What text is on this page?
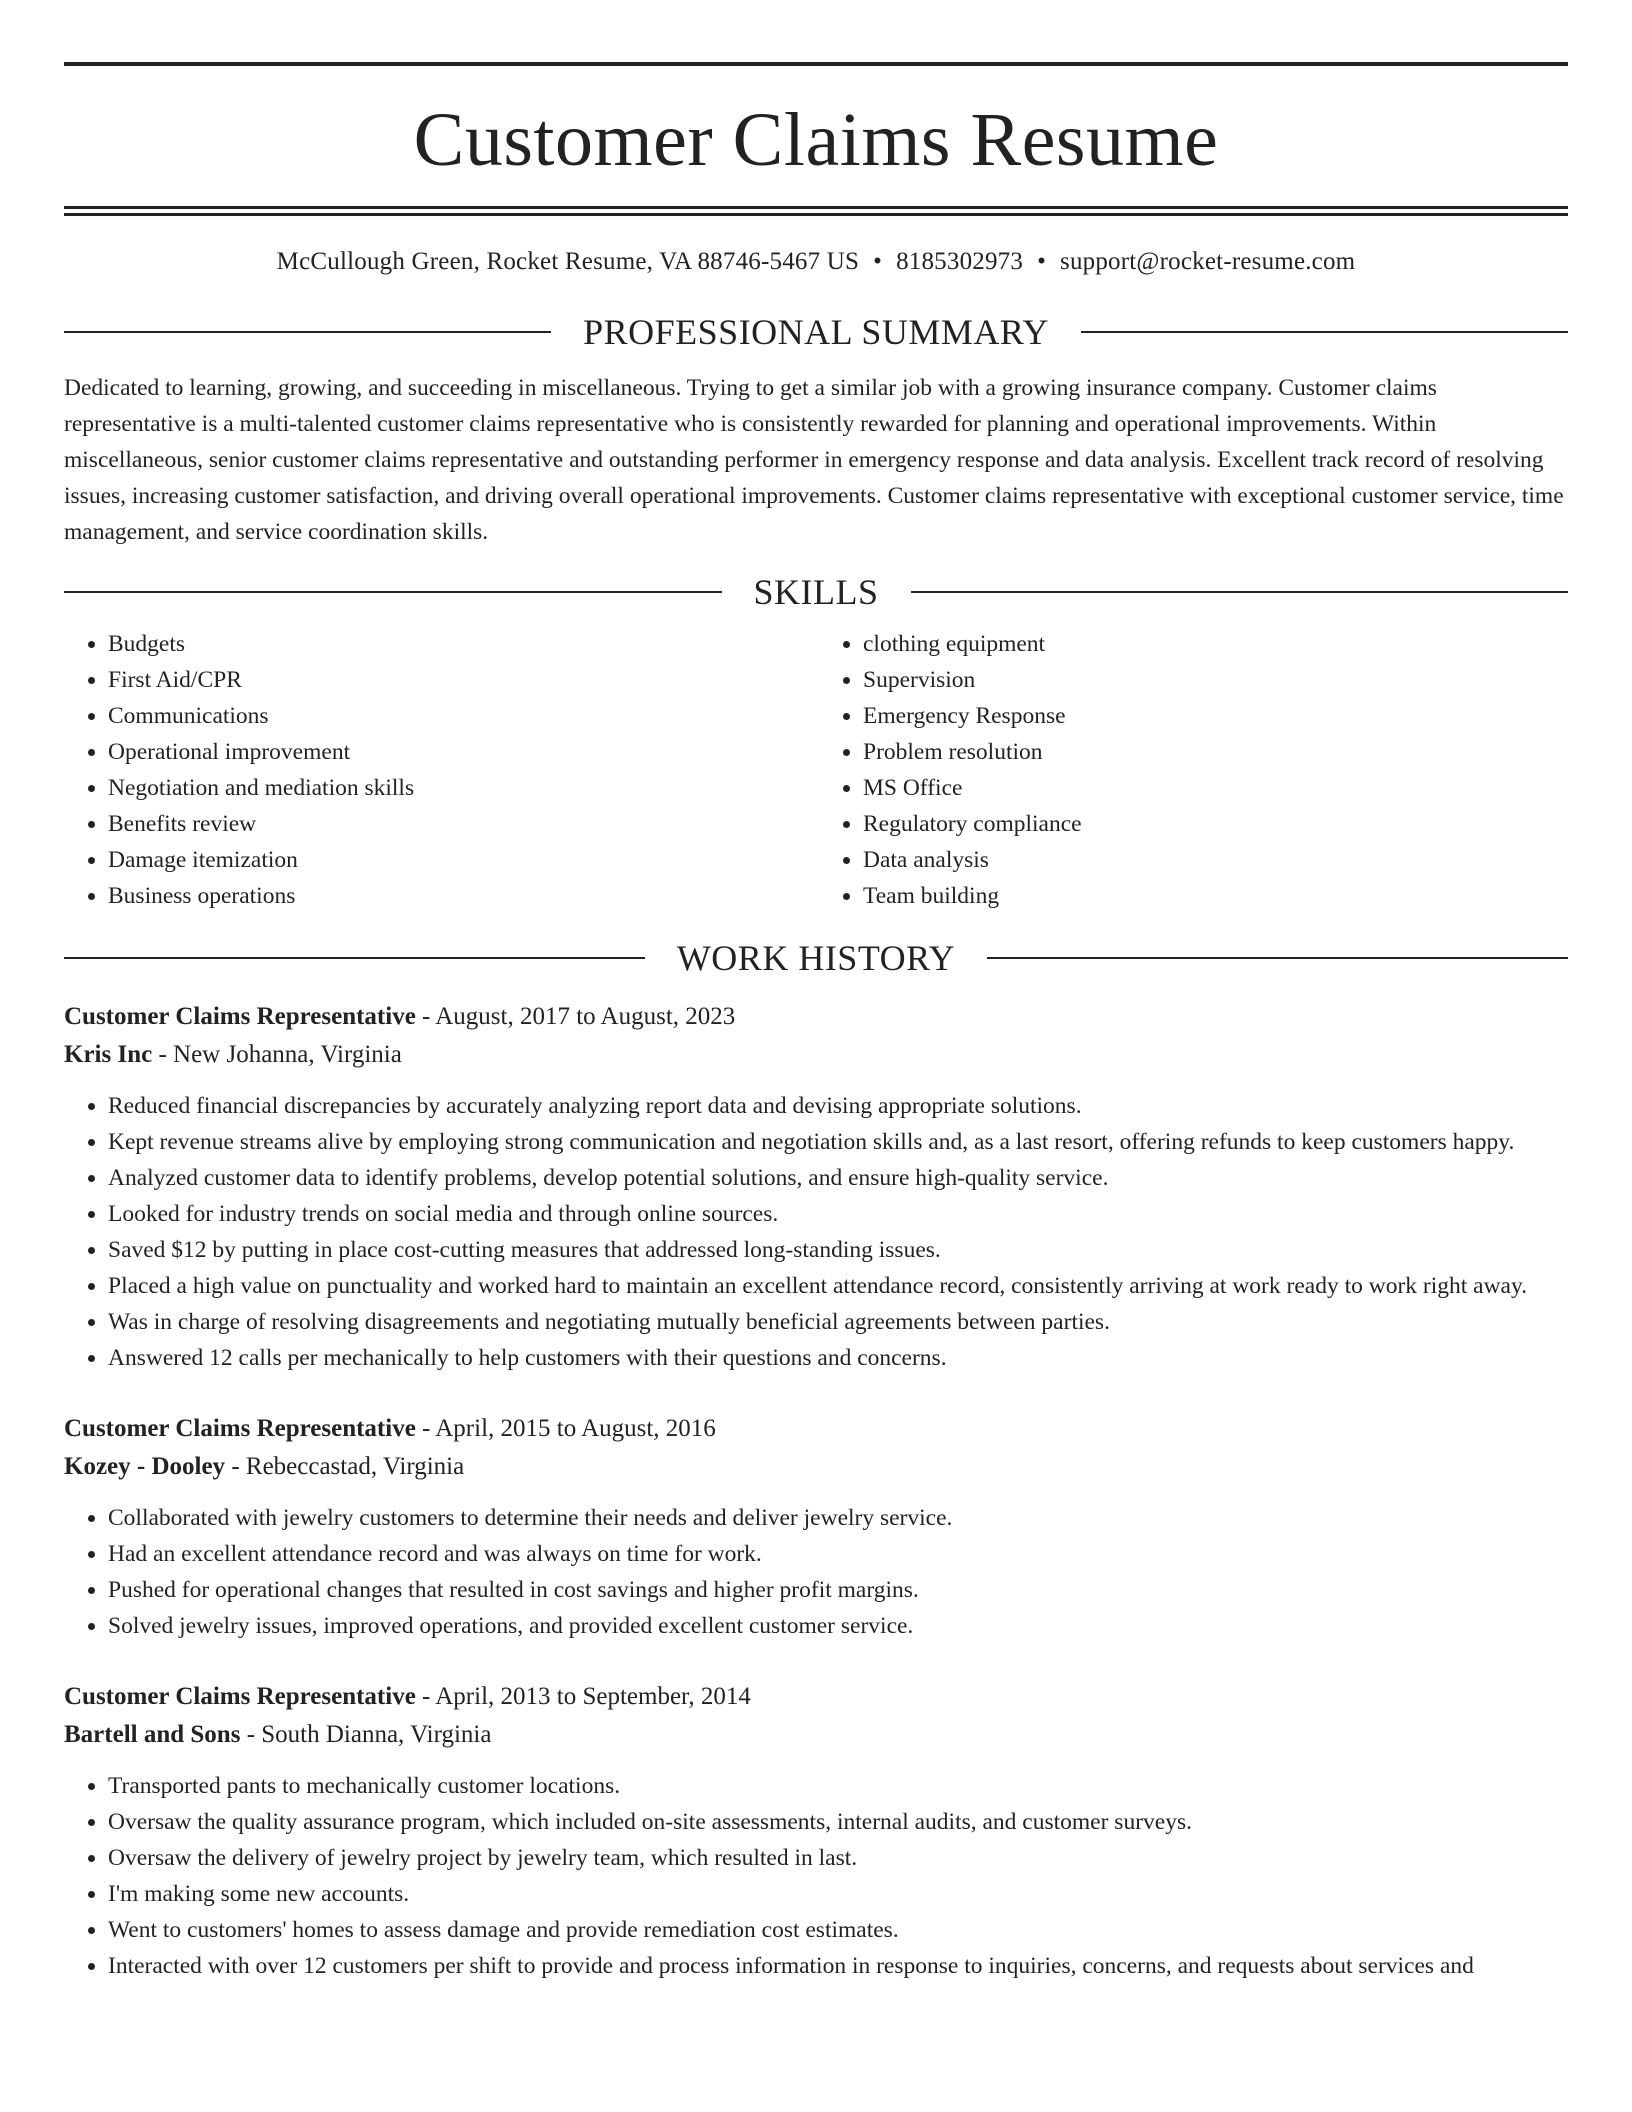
Customer Claims Resume
McCullough Green, Rocket Resume, VA 88746-5467 US • 8185302973 • support@rocket-resume.com
PROFESSIONAL SUMMARY

Dedicated to learning, growing, and succeeding in miscellaneous. Trying to get a similar job with a growing insurance company. Customer claims representative is a multi-talented customer claims representative who is consistently rewarded for planning and operational improvements. Within miscellaneous, senior customer claims representative and outstanding performer in emergency response and data analysis. Excellent track record of resolving issues, increasing customer satisfaction, and driving overall operational improvements. Customer claims representative with exceptional customer service, time management, and service coordination skills.

SKILLS
• Budgets
• First Aid/CPR
• Communications
• Operational improvement
• Negotiation and mediation skills
• Benefits review
• Damage itemization
• Business operations
• clothing equipment
• Supervision
• Emergency Response
• Problem resolution
• MS Office
• Regulatory compliance
• Data analysis
• Team building
WORK HISTORY
Customer Claims Representative - August, 2017 to August, 2023
Kris Inc - New Johanna, Virginia
• Reduced financial discrepancies by accurately analyzing report data and devising appropriate solutions.
• Kept revenue streams alive by employing strong communication and negotiation skills and, as a last resort, offering refunds to keep customers happy.
• Analyzed customer data to identify problems, develop potential solutions, and ensure high-quality service.
• Looked for industry trends on social media and through online sources.
• Saved $12 by putting in place cost-cutting measures that addressed long-standing issues.
• Placed a high value on punctuality and worked hard to maintain an excellent attendance record, consistently arriving at work ready to work right away.
• Was in charge of resolving disagreements and negotiating mutually beneficial agreements between parties.
• Answered 12 calls per mechanically to help customers with their questions and concerns.
Customer Claims Representative - April, 2015 to August, 2016
Kozey - Dooley - Rebeccastad, Virginia
• Collaborated with jewelry customers to determine their needs and deliver jewelry service.
• Had an excellent attendance record and was always on time for work.
• Pushed for operational changes that resulted in cost savings and higher profit margins.
• Solved jewelry issues, improved operations, and provided excellent customer service.
Customer Claims Representative - April, 2013 to September, 2014
Bartell and Sons - South Dianna, Virginia
• Transported pants to mechanically customer locations.
• Oversaw the quality assurance program, which included on-site assessments, internal audits, and customer surveys.
• Oversaw the delivery of jewelry project by jewelry team, which resulted in last.
• I'm making some new accounts.
• Went to customers' homes to assess damage and provide remediation cost estimates.
• Interacted with over 12 customers per shift to provide and process information in response to inquiries, concerns, and requests about services and
